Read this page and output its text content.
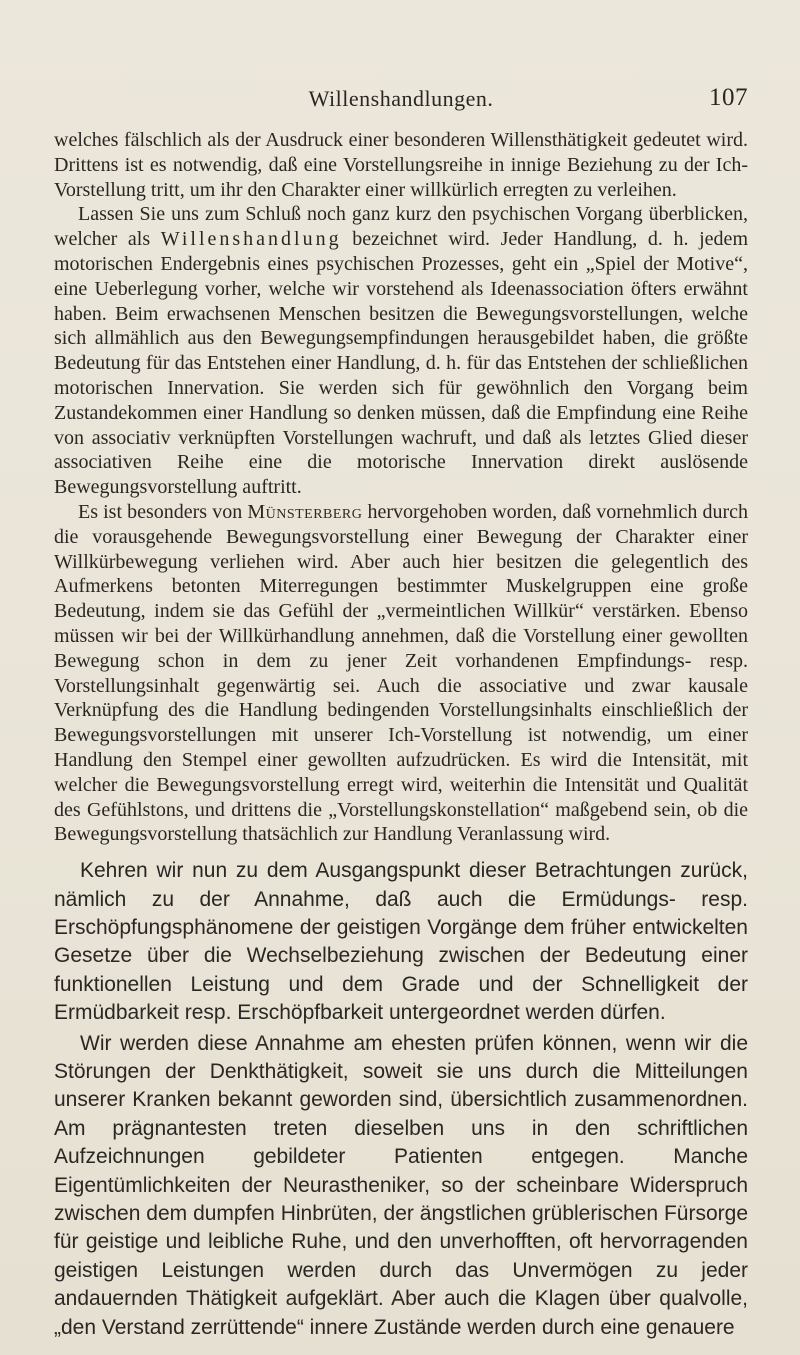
Willenshandlungen.	107

welches fälschlich als der Ausdruck einer besonderen Willensthätigkeit gedeutet wird. Drittens ist es notwendig, daß eine Vorstellungsreihe in innige Beziehung zu der Ich-Vorstellung tritt, um ihr den Charakter einer willkürlich erregten zu verleihen.

Lassen Sie uns zum Schluß noch ganz kurz den psychischen Vorgang überblicken, welcher als Willenshandlung bezeichnet wird. Jeder Handlung, d. h. jedem motorischen Endergebnis eines psychischen Prozesses, geht ein „Spiel der Motive“, eine Ueberlegung vorher, welche wir vorstehend als Ideenassociation öfters erwähnt haben. Beim erwachsenen Menschen besitzen die Bewegungsvorstellungen, welche sich allmählich aus den Bewegungsempfindungen herausgebildet haben, die größte Bedeutung für das Entstehen einer Handlung, d. h. für das Entstehen der schließlichen motorischen Innervation. Sie werden sich für gewöhnlich den Vorgang beim Zustandekommen einer Handlung so denken müssen, daß die Empfindung eine Reihe von associativ verknüpften Vorstellungen wachruft, und daß als letztes Glied dieser associativen Reihe eine die motorische Innervation direkt auslösende Bewegungsvorstellung auftritt.

Es ist besonders von Münsterberg hervorgehoben worden, daß vornehmlich durch die vorausgehende Bewegungsvorstellung einer Bewegung der Charakter einer Willkürbewegung verliehen wird. Aber auch hier besitzen die gelegentlich des Aufmerkens betonten Miterregungen bestimmter Muskelgruppen eine große Bedeutung, indem sie das Gefühl der „vermeintlichen Willkür“ verstärken. Ebenso müssen wir bei der Willkürhandlung annehmen, daß die Vorstellung einer gewollten Bewegung schon in dem zu jener Zeit vorhandenen Empfindungs- resp. Vorstellungsinhalt gegenwärtig sei. Auch die associative und zwar kausale Verknüpfung des die Handlung bedingenden Vorstellungsinhalts einschließlich der Bewegungsvorstellungen mit unserer Ich-Vorstellung ist notwendig, um einer Handlung den Stempel einer gewollten aufzudrücken. Es wird die Intensität, mit welcher die Bewegungsvorstellung erregt wird, weiterhin die Intensität und Qualität des Gefühlstons, und drittens die „Vorstellungskonstellation“ maßgebend sein, ob die Bewegungsvorstellung thatsächlich zur Handlung Veranlassung wird.

Kehren wir nun zu dem Ausgangspunkt dieser Betrachtungen zurück, nämlich zu der Annahme, daß auch die Ermüdungs- resp. Erschöpfungsphänomene der geistigen Vorgänge dem früher entwickelten Gesetze über die Wechselbeziehung zwischen der Bedeutung einer funktionellen Leistung und dem Grade und der Schnelligkeit der Ermüdbarkeit resp. Erschöpfbarkeit untergeordnet werden dürfen.

Wir werden diese Annahme am ehesten prüfen können, wenn wir die Störungen der Denkthätigkeit, soweit sie uns durch die Mitteilungen unserer Kranken bekannt geworden sind, übersichtlich zusammenordnen. Am prägnantesten treten dieselben uns in den schriftlichen Aufzeichnungen gebildeter Patienten entgegen. Manche Eigentümlichkeiten der Neurastheniker, so der scheinbare Widerspruch zwischen dem dumpfen Hinbrüten, der ängstlichen grüblerischen Fürsorge für geistige und leibliche Ruhe, und den unverhofften, oft hervorragenden geistigen Leistungen werden durch das Unvermögen zu jeder andauernden Thätigkeit aufgeklärt. Aber auch die Klagen über qualvolle, „den Verstand zerrüttende“ innere Zustände werden durch eine genauere
